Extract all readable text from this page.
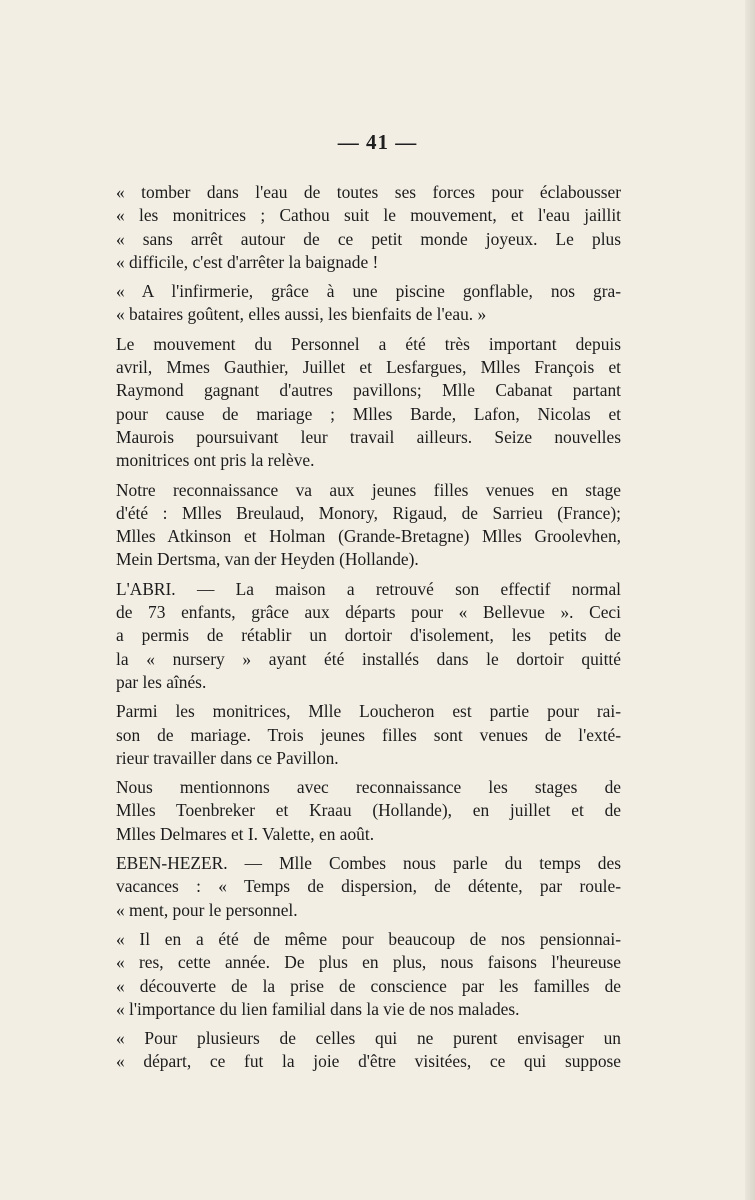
— 41 —

« tomber dans l'eau de toutes ses forces pour éclabousser
« les monitrices ; Cathou suit le mouvement, et l'eau jaillit
« sans arrêt autour de ce petit monde joyeux. Le plus
« difficile, c'est d'arrêter la baignade !

« A l'infirmerie, grâce à une piscine gonflable, nos gra-
« bataires goûtent, elles aussi, les bienfaits de l'eau. »

Le mouvement du Personnel a été très important depuis
avril, Mmes Gauthier, Juillet et Lesfargues, Mlles François et
Raymond gagnant d'autres pavillons; Mlle Cabanat partant
pour cause de mariage ; Mlles Barde, Lafon, Nicolas et
Maurois poursuivant leur travail ailleurs. Seize nouvelles
monitrices ont pris la relève.

Notre reconnaissance va aux jeunes filles venues en stage
d'été : Mlles Breulaud, Monory, Rigaud, de Sarrieu (France);
Mlles Atkinson et Holman (Grande-Bretagne) Mlles Groolevhen,
Mein Dertsma, van der Heyden (Hollande).

L'ABRI. — La maison a retrouvé son effectif normal
de 73 enfants, grâce aux départs pour « Bellevue ». Ceci
a permis de rétablir un dortoir d'isolement, les petits de
la « nursery » ayant été installés dans le dortoir quitté
par les aînés.

Parmi les monitrices, Mlle Loucheron est partie pour rai-
son de mariage. Trois jeunes filles sont venues de l'exté-
rieur travailler dans ce Pavillon.

Nous mentionnons avec reconnaissance les stages de
Mlles Toenbreker et Kraau (Hollande), en juillet et de
Mlles Delmares et I. Valette, en août.

EBEN-HEZER. — Mlle Combes nous parle du temps des
vacances : « Temps de dispersion, de détente, par roule-
« ment, pour le personnel.

« Il en a été de même pour beaucoup de nos pensionnai-
« res, cette année. De plus en plus, nous faisons l'heureuse
« découverte de la prise de conscience par les familles de
« l'importance du lien familial dans la vie de nos malades.

« Pour plusieurs de celles qui ne purent envisager un
« départ, ce fut la joie d'être visitées, ce qui suppose
